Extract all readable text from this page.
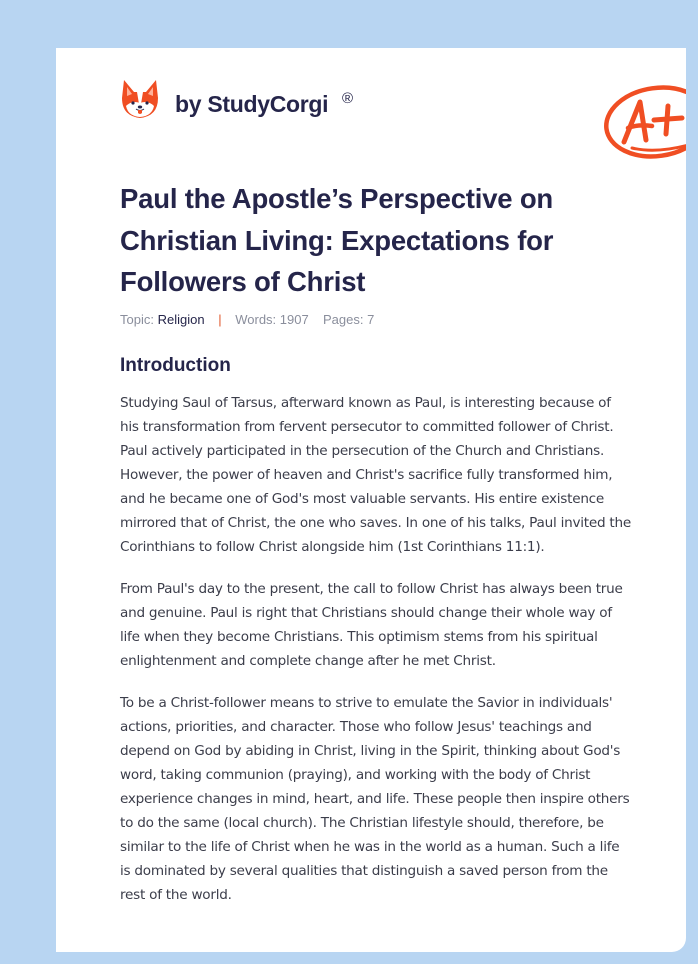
by StudyCorgi ®
Paul the Apostle’s Perspective on Christian Living: Expectations for Followers of Christ
Topic: Religion | Words: 1907 Pages: 7
Introduction

Studying Saul of Tarsus, afterward known as Paul, is interesting because of his transformation from fervent persecutor to committed follower of Christ. Paul actively participated in the persecution of the Church and Christians. However, the power of heaven and Christ's sacrifice fully transformed him, and he became one of God's most valuable servants. His entire existence mirrored that of Christ, the one who saves. In one of his talks, Paul invited the Corinthians to follow Christ alongside him (1st Corinthians 11:1).

From Paul's day to the present, the call to follow Christ has always been true and genuine. Paul is right that Christians should change their whole way of life when they become Christians. This optimism stems from his spiritual enlightenment and complete change after he met Christ.

To be a Christ-follower means to strive to emulate the Savior in individuals' actions, priorities, and character. Those who follow Jesus' teachings and depend on God by abiding in Christ, living in the Spirit, thinking about God's word, taking communion (praying), and working with the body of Christ experience changes in mind, heart, and life. These people then inspire others to do the same (local church). The Christian lifestyle should, therefore, be similar to the life of Christ when he was in the world as a human. Such a life is dominated by several qualities that distinguish a saved person from the rest of the world.
